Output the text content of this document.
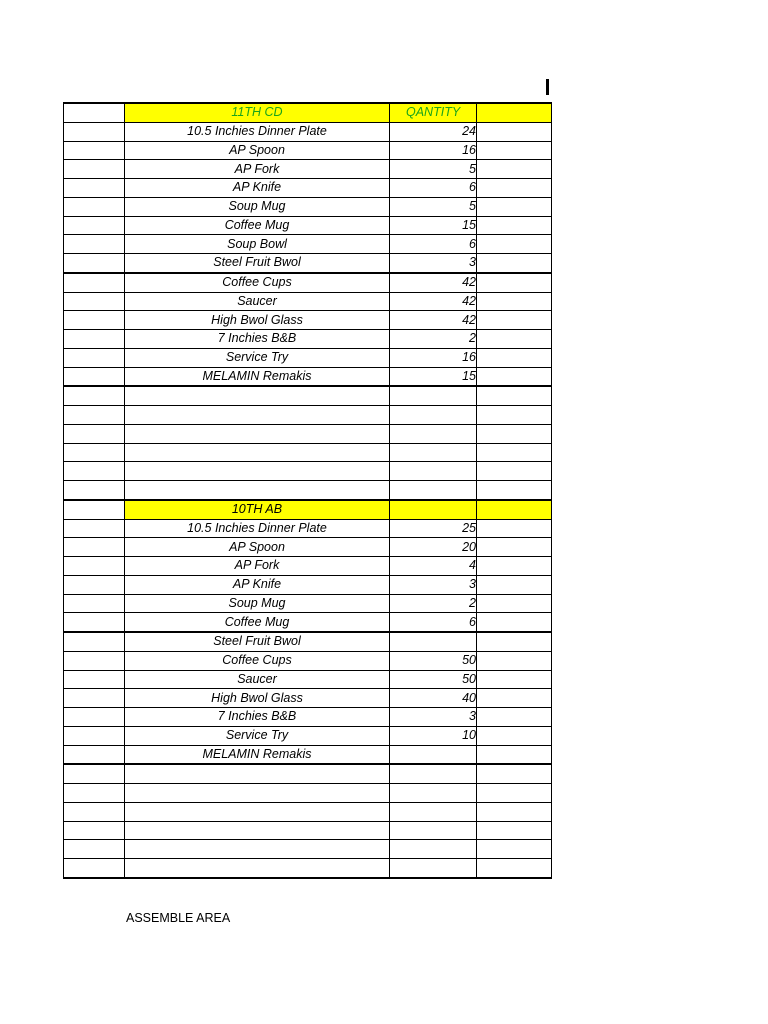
	11TH CD	QANTITY	
	10.5 Inchies Dinner Plate	24	
	AP Spoon	16	
	AP Fork	5	
	AP Knife	6	
	Soup Mug	5	
	Coffee Mug	15	
	Soup Bowl	6	
	Steel Fruit Bwol	3	
	Coffee Cups	42	
	Saucer	42	
	High Bwol Glass	42	
	7 Inchies B&B	2	
	Service Try	16	
	MELAMIN Remakis	15	

	10TH AB		
	10.5 Inchies Dinner Plate	25	
	AP Spoon	20	
	AP Fork	4	
	AP Knife	3	
	Soup Mug	2	
	Coffee Mug	6	
	Steel Fruit Bwol		
	Coffee Cups	50	
	Saucer	50	
	High Bwol Glass	40	
	7 Inchies B&B	3	
	Service Try	10	
	MELAMIN Remakis		

ASSEMBLE AREA
